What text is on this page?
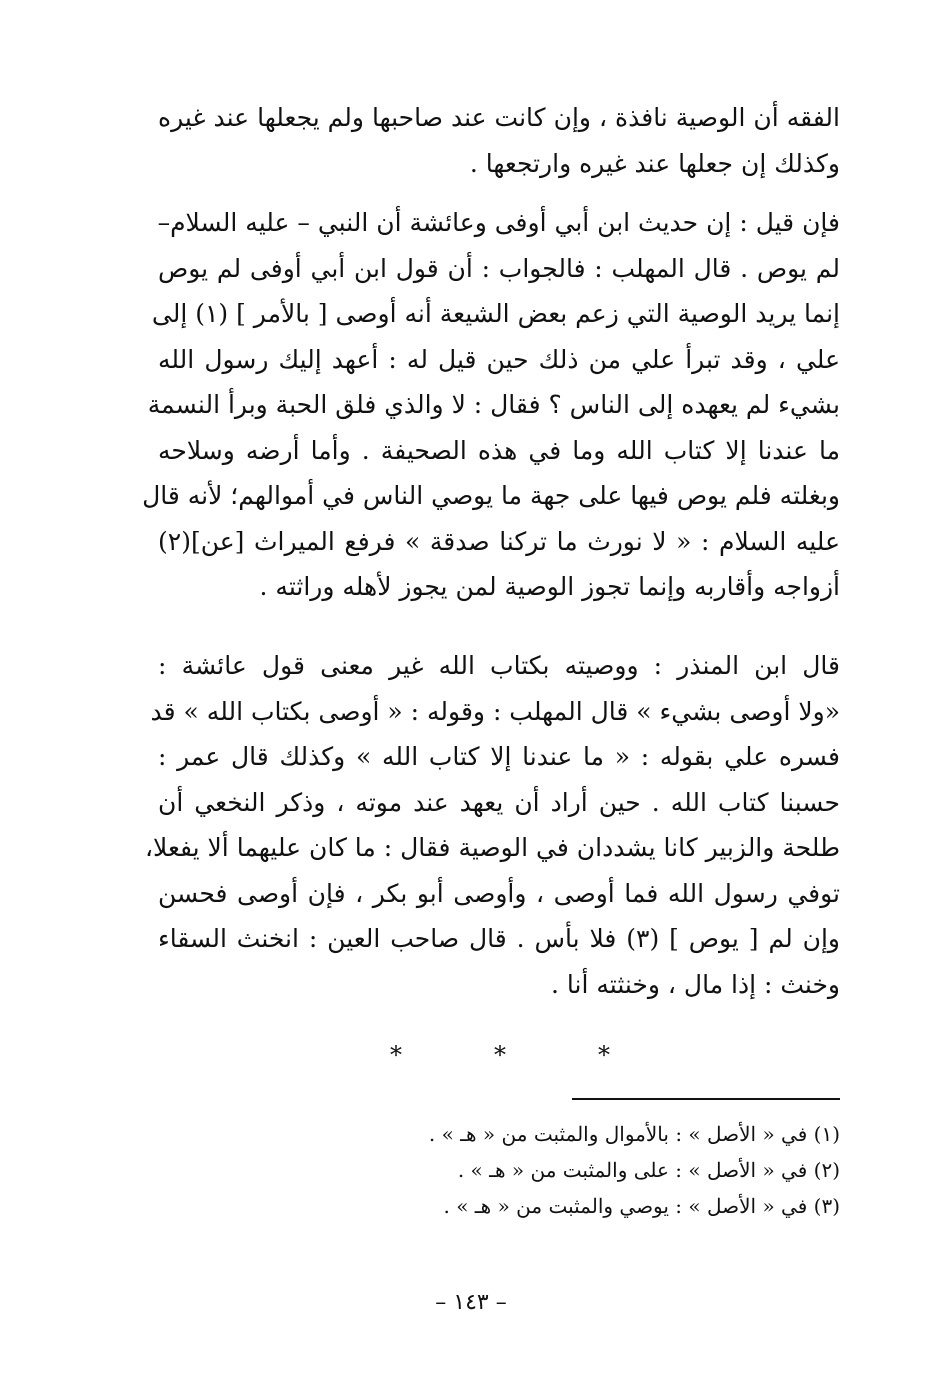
الفقه أن الوصية نافذة ، وإن كانت عند صاحبها ولم يجعلها عند غيره
وكذلك إن جعلها عند غيره وارتجعها .
فإن قيل : إن حديث ابن أبي أوفى وعائشة أن النبي – عليه السلام–
لم يوص . قال المهلب : فالجواب : أن قول ابن أبي أوفى لم يوص
إنما يريد الوصية التي زعم بعض الشيعة أنه أوصى [ بالأمر ] (١) إلى
علي ، وقد تبرأ علي من ذلك حين قيل له : أعهد إليك رسول الله
بشيء لم يعهده إلى الناس ؟ فقال : لا والذي فلق الحبة وبرأ النسمة
ما عندنا إلا كتاب الله وما في هذه الصحيفة . وأما أرضه وسلاحه
وبغلته فلم يوص فيها على جهة ما يوصي الناس في أموالهم؛ لأنه قال
عليه السلام : « لا نورث ما تركنا صدقة » فرفع الميراث [عن](٢)
أزواجه وأقاربه وإنما تجوز الوصية لمن يجوز لأهله وراثته .
قال ابن المنذر : ووصيته بكتاب الله غير معنى قول عائشة :
«ولا أوصى بشيء » قال المهلب : وقوله : « أوصى بكتاب الله » قد
فسره علي بقوله : « ما عندنا إلا كتاب الله » وكذلك قال عمر :
حسبنا كتاب الله . حين أراد أن يعهد عند موته ، وذكر النخعي أن
طلحة والزبير كانا يشددان في الوصية فقال : ما كان عليهما ألا يفعلا،
توفي رسول الله فما أوصى ، وأوصى أبو بكر ، فإن أوصى فحسن
وإن لم [ يوص ] (٣) فلا بأس . قال صاحب العين : انخنث السقاء
وخنث : إذا مال ، وخنثته أنا .
*	*	*
(١) في « الأصل » : بالأموال والمثبت من « هـ » .
(٢) في « الأصل » : على والمثبت من « هـ » .
(٣) في « الأصل » : يوصي والمثبت من « هـ » .
– ١٤٣ –
